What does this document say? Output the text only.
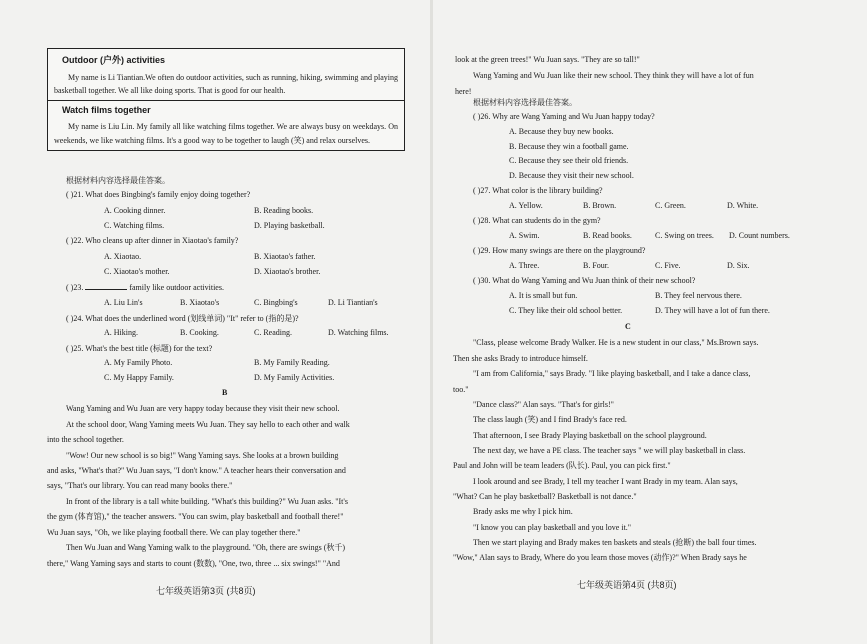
Outdoor (户外) activities

My name is Li Tiantian.We often do outdoor activities, such as running, hiking, swimming and playing basketball together. We all like doing sports. That is good for our health.

Watch films together

My name is Liu Lin. My family all like watching films together. We are always busy on weekdays. On weekends, we like watching films. It's a good way to be together to laugh (笑) and relax ourselves.

根据材料内容选择最佳答案。
( )21. What does Bingbing's family enjoy doing together?
A. Cooking dinner.	B. Reading books.
C. Watching films.	D. Playing basketball.
( )22. Who cleans up after dinner in Xiaotao's family?
A. Xiaotao.	B. Xiaotao's father.
C. Xiaotao's mother.	D. Xiaotao's brother.
( )23.	family like outdoor activities.
A. Liu Lin's	B. Xiaotao's	C. Bingbing's	D. Li Tiantian's
( )24. What does the underlined word (划线单词) "It" refer to (指的是)?
A. Hiking.	B. Cooking.	C. Reading.	D. Watching films.
( )25. What's the best title (标题) for the text?
A. My Family Photo.	B. My Family Reading.
C. My Happy Family.	D. My Family Activities.
B
Wang Yaming and Wu Juan are very happy today because they visit their new school.
At the school door, Wang Yaming meets Wu Juan. They say hello to each other and walk
into the school together.
"Wow! Our new school is so big!" Wang Yaming says. She looks at a brown building
and asks, "What's that?" Wu Juan says, "I don't know." A teacher hears their conversation and
says, "That's our library. You can read many books there."
In front of the library is a tall white building. "What's this building?" Wu Juan asks. "It's
the gym (体育馆)," the teacher answers. "You can swim, play basketball and football there!"
Wu Juan says, "Oh, we like playing football there. We can play together there."
Then Wu Juan and Wang Yaming walk to the playground. "Oh, there are swings (秋千)
there," Wang Yaming says and starts to count (数数), "One, two, three ... six swings!" "And
七年级英语第3页 (共8页)
look at the green trees!" Wu Juan says. "They are so tall!"
Wang Yaming and Wu Juan like their new school. They think they will have a lot of fun
here!
根据材料内容选择最佳答案。
( )26. Why are Wang Yaming and Wu Juan happy today?
A. Because they buy new books.
B. Because they win a football game.
C. Because they see their old friends.
D. Because they visit their new school.
( )27. What color is the library building?
A. Yellow.	B. Brown.	C. Green.	D. White.
( )28. What can students do in the gym?
A. Swim.	B. Read books.	C. Swing on trees. D. Count numbers.
( )29. How many swings are there on the playground?
A. Three.	B. Four.	C. Five.	D. Six.
( )30. What do Wang Yaming and Wu Juan think of their new school?
A. It is small but fun.	B. They feel nervous there.
C. They like their old school better.	D. They will have a lot of fun there.
C
"Class, please welcome Brady Walker. He is a new student in our class," Ms.Brown says.
Then she asks Brady to introduce himself.
"I am from California," says Brady. "I like playing basketball, and I take a dance class,
too."
"Dance class?" Alan says. "That's for girls!"
The class laugh (笑) and I find Brady's face red.
That afternoon, I see Brady Playing basketball on the school playground.
The next day, we have a PE class. The teacher says " we will play basketball in class.
Paul and John will be team leaders (队长). Paul, you can pick first."
I look around and see Brady, I tell my teacher I want Brady in my team. Alan says,
"What? Can he play basketball? Basketball is not dance."
Brady asks me why I pick him.
"I know you can play basketball and you love it."
Then we start playing and Brady makes ten baskets and steals (抢断) the ball four times.
"Wow," Alan says to Brady, Where do you learn those moves (动作)?" When Brady says he
七年级英语第4页 (共8页)
